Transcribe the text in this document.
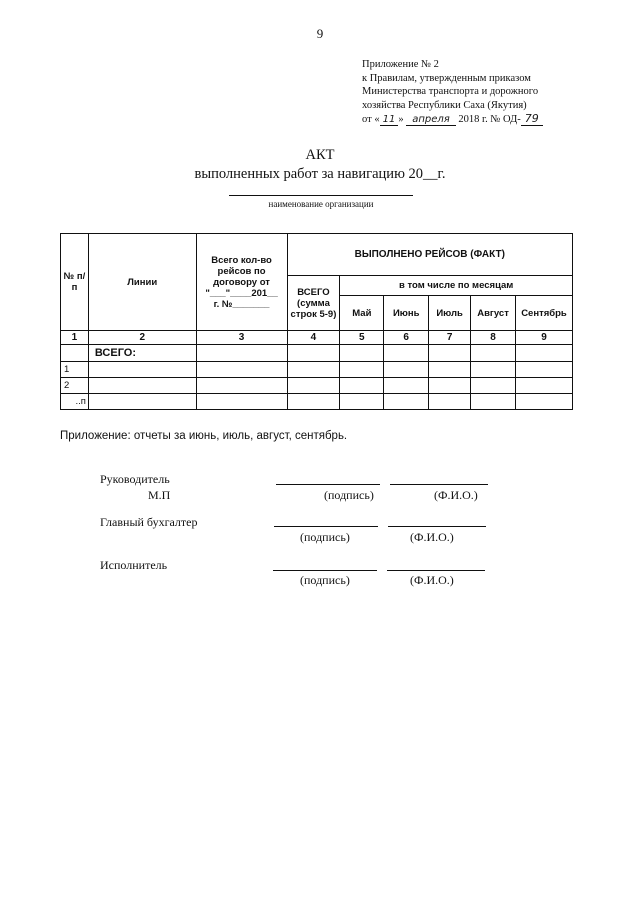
9
Приложение № 2
к Правилам, утвержденным приказом
Министерства транспорта и дорожного
хозяйства Республики Саха (Якутия)
от « 11 » апреля 2018 г. № ОД- 79
АКТ
выполненных работ за навигацию 20__г.
наименование организации
№ п/п	Линии	Всего кол-во рейсов по договору от "___"____201__ г. №_______	ВЫПОЛНЕНО РЕЙСОВ (ФАКТ)					
			ВСЕГО (сумма строк 5-9)	в том числе по месяцам				
				Май	Июнь	Июль	Август	Сентябрь
1	2	3	4	5	6	7	8	9
	ВСЕГО:							
1								
2								
..п								
Приложение: отчеты за июнь, июль, август, сентябрь.
Руководитель
М.П	(подпись)	(Ф.И.О.)
Главный бухгалтер
(подпись)	(Ф.И.О.)
Исполнитель
(подпись)	(Ф.И.О.)
